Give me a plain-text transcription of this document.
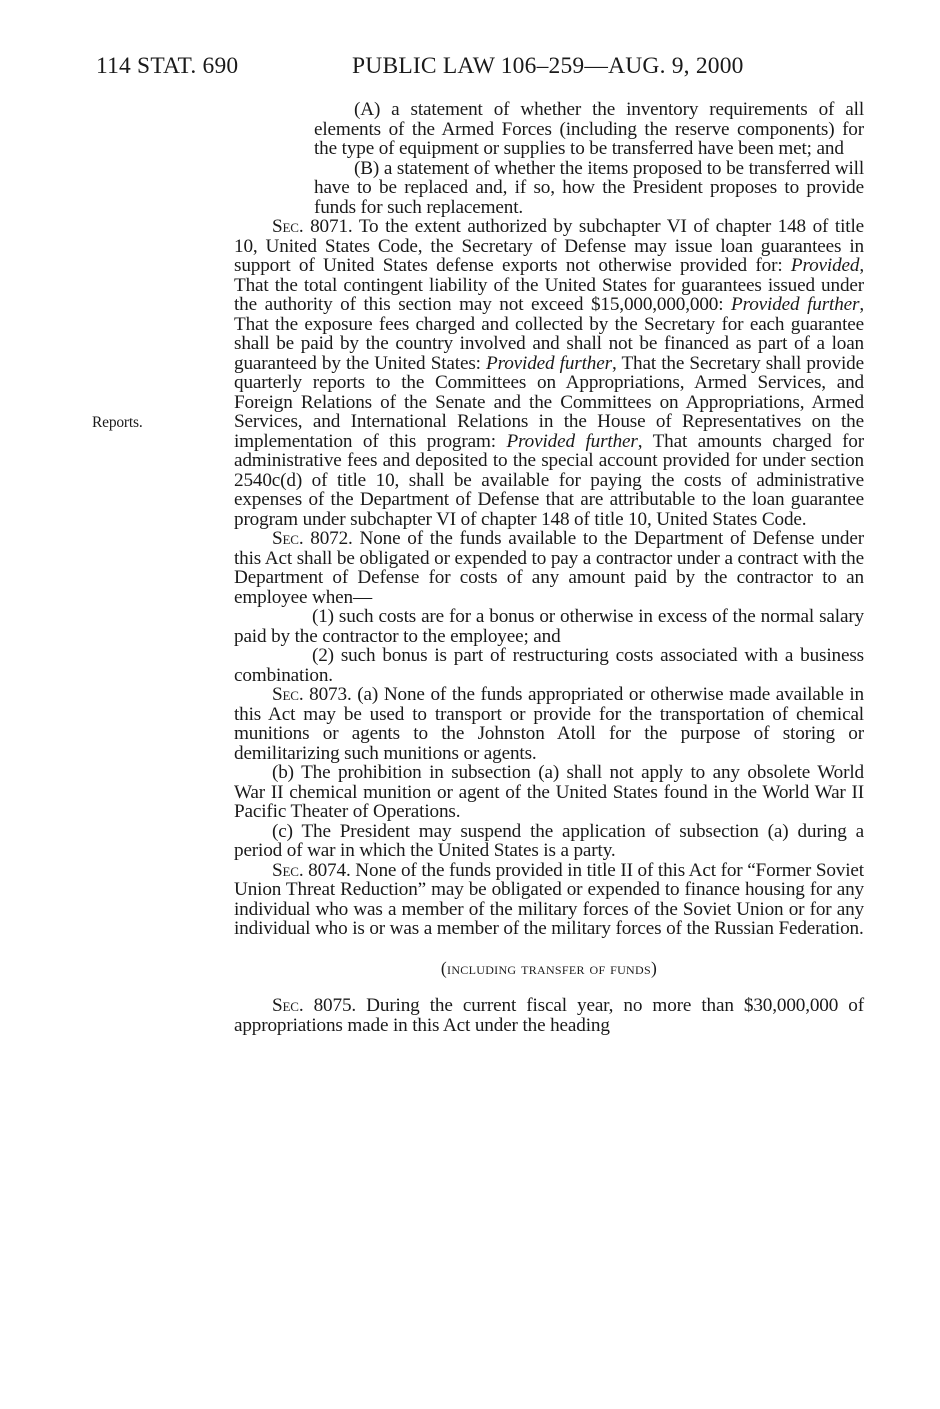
114 STAT. 690	PUBLIC LAW 106–259—AUG. 9, 2000
Reports.

(A) a statement of whether the inventory requirements of all elements of the Armed Forces (including the reserve components) for the type of equipment or supplies to be transferred have been met; and

(B) a statement of whether the items proposed to be transferred will have to be replaced and, if so, how the President proposes to provide funds for such replacement.

Sec. 8071. To the extent authorized by subchapter VI of chapter 148 of title 10, United States Code, the Secretary of Defense may issue loan guarantees in support of United States defense exports not otherwise provided for: Provided, That the total contingent liability of the United States for guarantees issued under the authority of this section may not exceed $15,000,000,000: Provided further, That the exposure fees charged and collected by the Secretary for each guarantee shall be paid by the country involved and shall not be financed as part of a loan guaranteed by the United States: Provided further, That the Secretary shall provide quarterly reports to the Committees on Appropriations, Armed Services, and Foreign Relations of the Senate and the Committees on Appropriations, Armed Services, and International Relations in the House of Representatives on the implementation of this program: Provided further, That amounts charged for administrative fees and deposited to the special account provided for under section 2540c(d) of title 10, shall be available for paying the costs of administrative expenses of the Department of Defense that are attributable to the loan guarantee program under subchapter VI of chapter 148 of title 10, United States Code.

Sec. 8072. None of the funds available to the Department of Defense under this Act shall be obligated or expended to pay a contractor under a contract with the Department of Defense for costs of any amount paid by the contractor to an employee when—

(1) such costs are for a bonus or otherwise in excess of the normal salary paid by the contractor to the employee; and

(2) such bonus is part of restructuring costs associated with a business combination.

Sec. 8073. (a) None of the funds appropriated or otherwise made available in this Act may be used to transport or provide for the transportation of chemical munitions or agents to the Johnston Atoll for the purpose of storing or demilitarizing such munitions or agents.

(b) The prohibition in subsection (a) shall not apply to any obsolete World War II chemical munition or agent of the United States found in the World War II Pacific Theater of Operations.

(c) The President may suspend the application of subsection (a) during a period of war in which the United States is a party.

Sec. 8074. None of the funds provided in title II of this Act for “Former Soviet Union Threat Reduction” may be obligated or expended to finance housing for any individual who was a member of the military forces of the Soviet Union or for any individual who is or was a member of the military forces of the Russian Federation.

(including transfer of funds)

Sec. 8075. During the current fiscal year, no more than $30,000,000 of appropriations made in this Act under the heading
